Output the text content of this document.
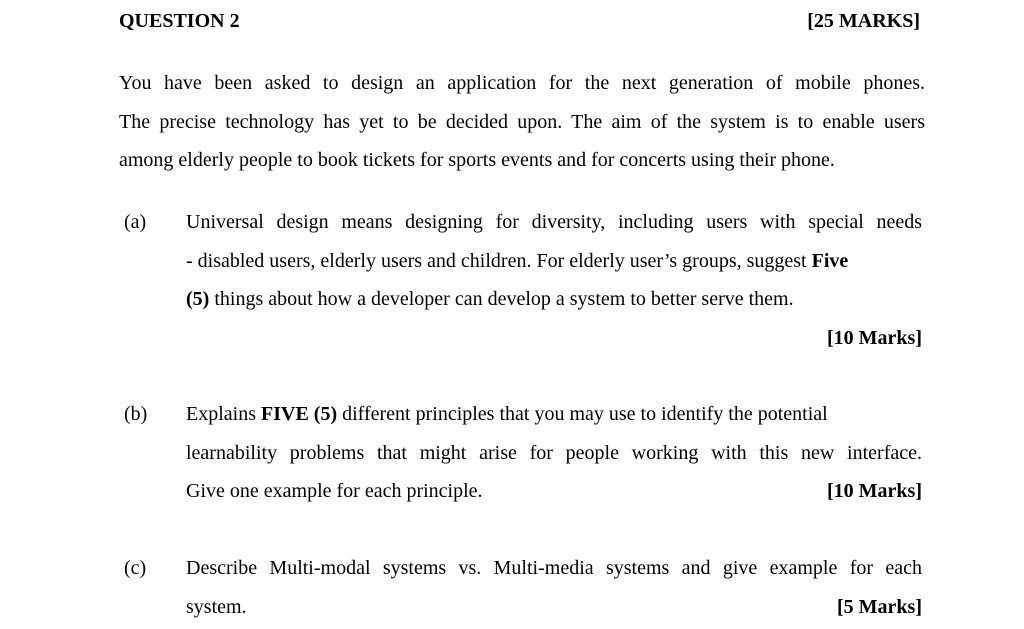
QUESTION 2	[25 MARKS]
You have been asked to design an application for the next generation of mobile phones.
The precise technology has yet to be decided upon. The aim of the system is to enable users
among elderly people to book tickets for sports events and for concerts using their phone.
(a) Universal design means designing for diversity, including users with special needs
- disabled users, elderly users and children. For elderly user’s groups, suggest Five
(5) things about how a developer can develop a system to better serve them.
[10 Marks]
(b) Explains FIVE (5) different principles that you may use to identify the potential
learnability problems that might arise for people working with this new interface.
Give one example for each principle.	[10 Marks]
(c) Describe Multi-modal systems vs. Multi-media systems and give example for each
system.	[5 Marks]
